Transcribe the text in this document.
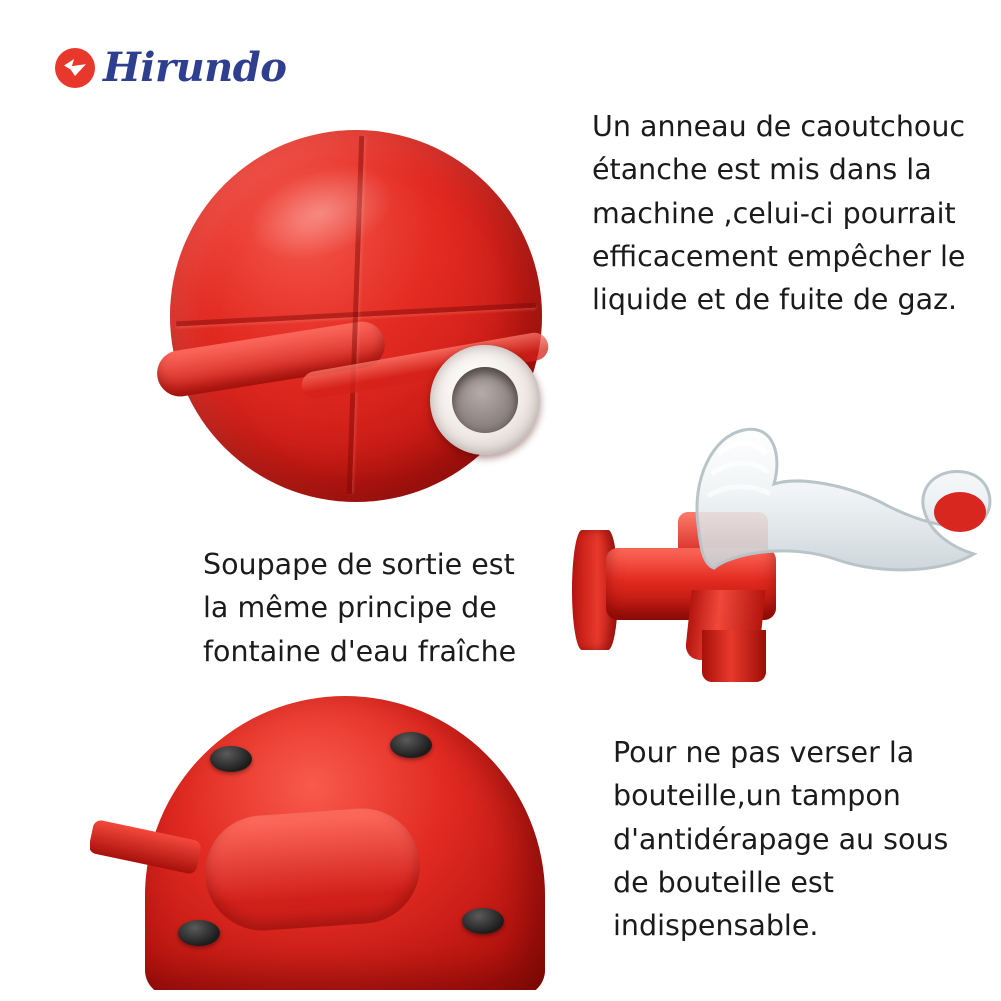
Hirundo
Un anneau de caoutchouc étanche est mis dans la machine ,celui-ci pourrait efficacement empêcher le liquide et de fuite de gaz.
Soupape de sortie est la même principe de fontaine d'eau fraîche
Pour ne pas verser la bouteille,un tampon d'antidérapage au sous de bouteille est indispensable.
